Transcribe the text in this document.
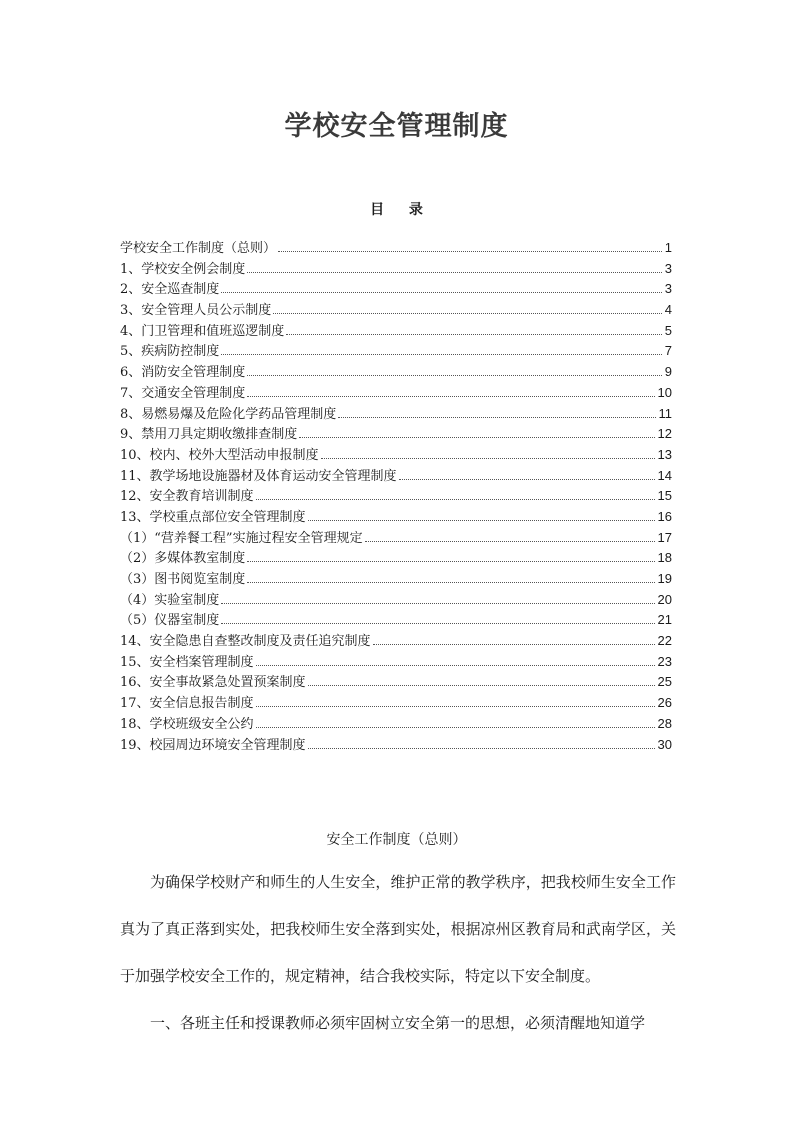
学校安全管理制度
目 录
学校安全工作制度（总则）	1
1、学校安全例会制度	3
2、安全巡查制度	3
3、安全管理人员公示制度	4
4、门卫管理和值班巡逻制度	5
5、疾病防控制度	7
6、消防安全管理制度	9
7、交通安全管理制度	10
8、易燃易爆及危险化学药品管理制度	11
9、禁用刀具定期收缴排查制度	12
10、校内、校外大型活动申报制度	13
11、教学场地设施器材及体育运动安全管理制度	14
12、安全教育培训制度	15
13、学校重点部位安全管理制度	16
（1）“营养餐工程”实施过程安全管理规定	17
（2）多媒体教室制度	18
（3）图书阅览室制度	19
（4）实验室制度	20
（5）仪器室制度	21
14、安全隐患自查整改制度及责任追究制度	22
15、安全档案管理制度	23
16、安全事故紧急处置预案制度	25
17、安全信息报告制度	26
18、学校班级安全公约	28
19、校园周边环境安全管理制度	30
安全工作制度（总则）
为确保学校财产和师生的人生安全，维护正常的教学秩序，把我校师生安全工作真为了真正落到实处，把我校师生安全落到实处，根据凉州区教育局和武南学区，关于加强学校安全工作的，规定精神，结合我校实际，特定以下安全制度。
一、各班主任和授课教师必须牢固树立安全第一的思想，必须清醒地知道学
